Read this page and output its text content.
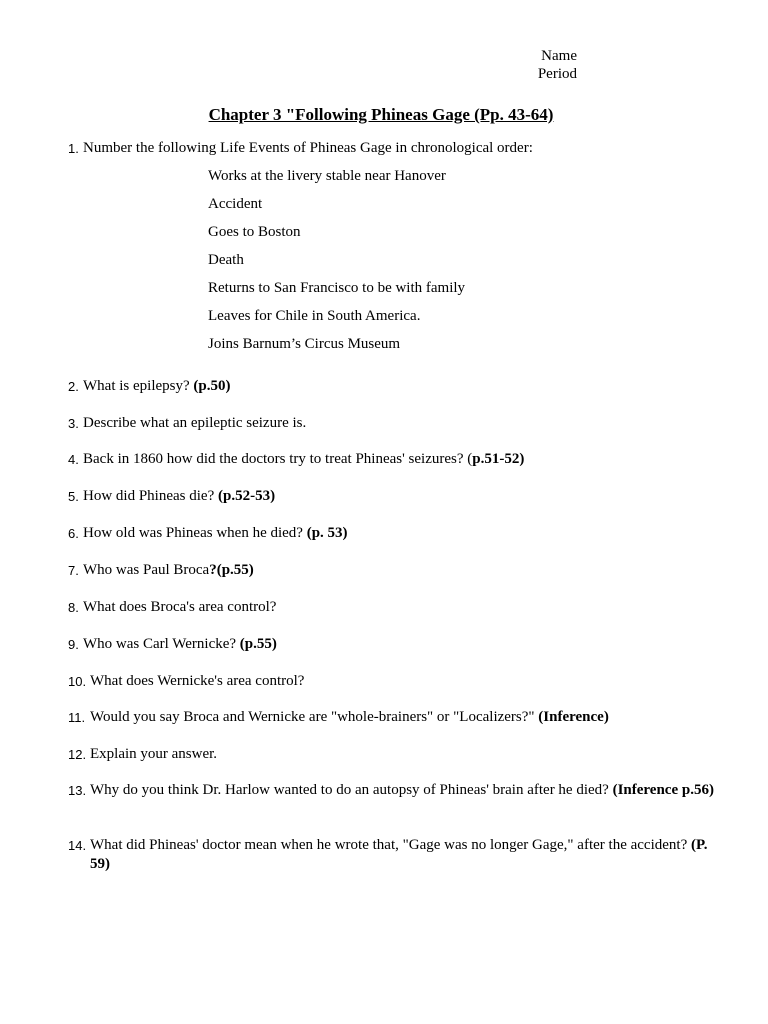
Name
Period
Chapter 3 "Following Phineas Gage (Pp. 43-64)
1. Number the following Life Events of Phineas Gage in chronological order:
Works at the livery stable near Hanover
Accident
Goes to Boston
Death
Returns to San Francisco to be with family
Leaves for Chile in South America.
Joins Barnum’s Circus Museum
2. What is epilepsy? (p.50)
3. Describe what an epileptic seizure is.
4. Back in 1860 how did the doctors try to treat Phineas' seizures? (p.51-52)
5. How did Phineas die? (p.52-53)
6. How old was Phineas when he died? (p. 53)
7. Who was Paul Broca?(p.55)
8. What does Broca's area control?
9. Who was Carl Wernicke? (p.55)
10. What does Wernicke's area control?
11. Would you say Broca and Wernicke are "whole-brainers" or "Localizers?" (Inference)
12. Explain your answer.
13. Why do you think Dr. Harlow wanted to do an autopsy of Phineas' brain after he died? (Inference p.56)
14. What did Phineas' doctor mean when he wrote that, "Gage was no longer Gage," after the accident? (P. 59)
